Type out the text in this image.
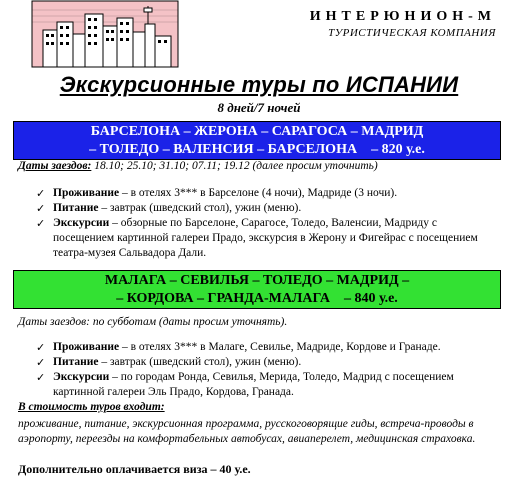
ИНТЕРЮНИОН-М
ТУРИСТИЧЕСКАЯ КОМПАНИЯ
Экскурсионные туры по ИСПАНИИ
8 дней/7 ночей
БАРСЕЛОНА – ЖЕРОНА – САРАГОСА – МАДРИД
– ТОЛЕДО – ВАЛЕНСИЯ – БАРСЕЛОНА – 820 у.е.
Даты заездов: 18.10; 25.10; 31.10; 07.11; 19.12 (далее просим уточнить)
✓ Проживание – в отелях 3*** в Барселоне (4 ночи), Мадриде (3 ночи).
✓ Питание – завтрак (шведский стол), ужин (меню).
✓ Экскурсии – обзорные по Барселоне, Сарагосе, Толедо, Валенсии, Мадриду с посещением картинной галереи Прадо, экскурсия в Жерону и Фигейрас с посещением театра-музея Сальвадора Дали.
МАЛАГА – СЕВИЛЬЯ – ТОЛЕДО – МАДРИД –
– КОРДОВА – ГРАНДА-МАЛАГА – 840 у.е.
Даты заездов: по субботам (даты просим уточнять).
✓ Проживание – в отелях 3*** в Малаге, Севилье, Мадриде, Кордове и Гранаде.
✓ Питание – завтрак (шведский стол), ужин (меню).
✓ Экскурсии – по городам Ронда, Севилья, Мерида, Толедо, Мадрид с посещением картинной галереи Эль Прадо, Кордова, Гранада.
В стоимость туров входит:
проживание, питание, экскурсионная программа, русскоговорящие гиды, встреча-проводы в аэропорту, переезды на комфортабельных автобусах, авиаперелет, медицинская страховка.
Дополнительно оплачивается виза – 40 у.е.
